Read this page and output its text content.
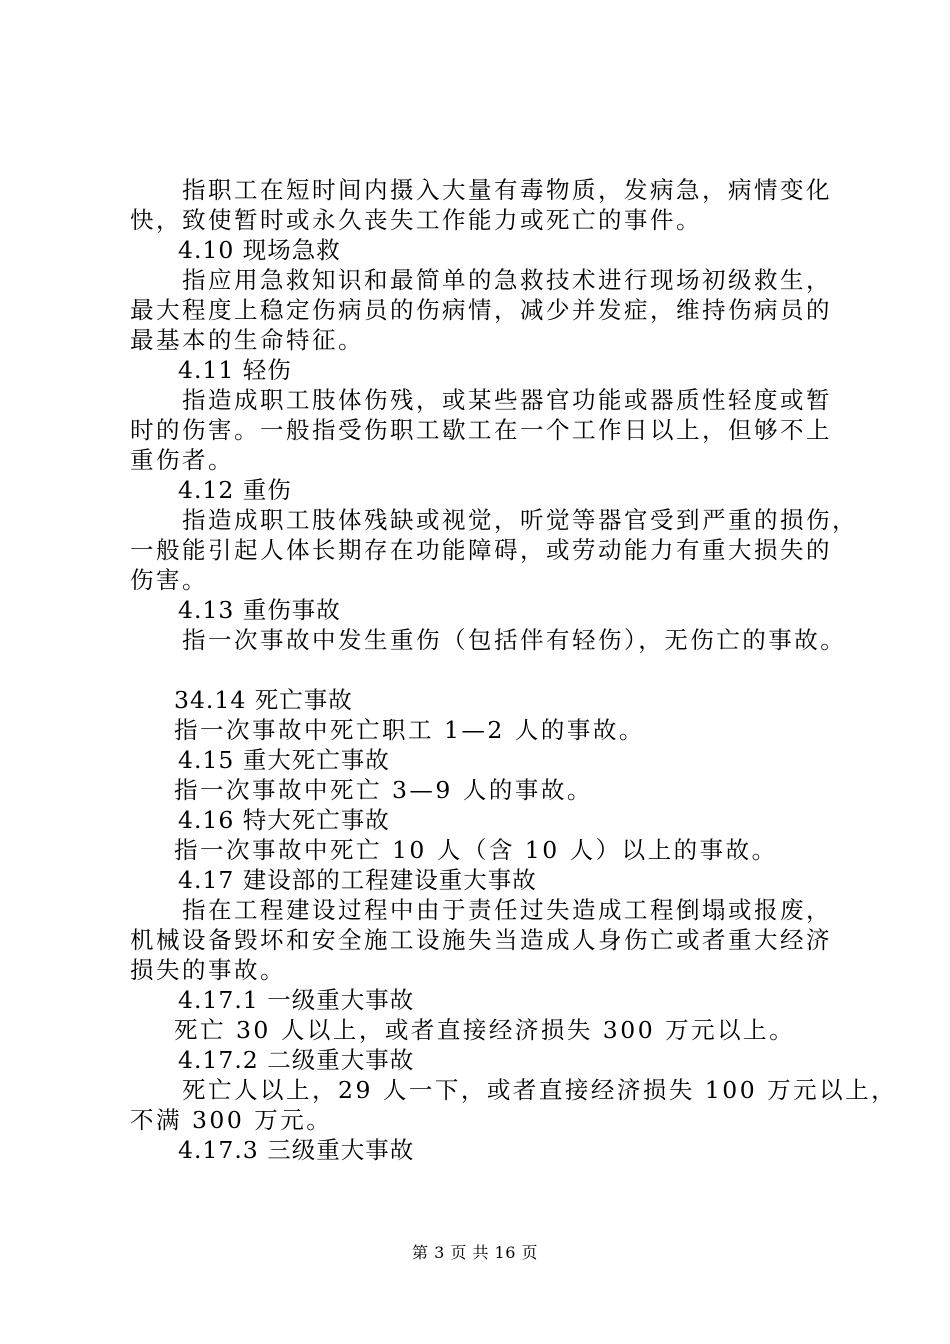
指职工在短时间内摄入大量有毒物质，发病急，病情变化
快，致使暂时或永久丧失工作能力或死亡的事件。
4.10 现场急救
指应用急救知识和最简单的急救技术进行现场初级救生，
最大程度上稳定伤病员的伤病情，减少并发症，维持伤病员的
最基本的生命特征。
4.11 轻伤
指造成职工肢体伤残，或某些器官功能或器质性轻度或暂
时的伤害。一般指受伤职工歇工在一个工作日以上，但够不上
重伤者。
4.12 重伤
指造成职工肢体残缺或视觉，听觉等器官受到严重的损伤，
一般能引起人体长期存在功能障碍，或劳动能力有重大损失的
伤害。
4.13 重伤事故
指一次事故中发生重伤（包括伴有轻伤），无伤亡的事故。
34.14 死亡事故
指一次事故中死亡职工 1—2 人的事故。
4.15 重大死亡事故
指一次事故中死亡 3—9 人的事故。
4.16 特大死亡事故
指一次事故中死亡 10 人（含 10 人）以上的事故。
4.17 建设部的工程建设重大事故
指在工程建设过程中由于责任过失造成工程倒塌或报废，
机械设备毁坏和安全施工设施失当造成人身伤亡或者重大经济
损失的事故。
4.17.1 一级重大事故
死亡 30 人以上，或者直接经济损失 300 万元以上。
4.17.2 二级重大事故
死亡人以上，29 人一下，或者直接经济损失 100 万元以上，
不满 300 万元。
4.17.3 三级重大事故
第 3 页 共 16 页
